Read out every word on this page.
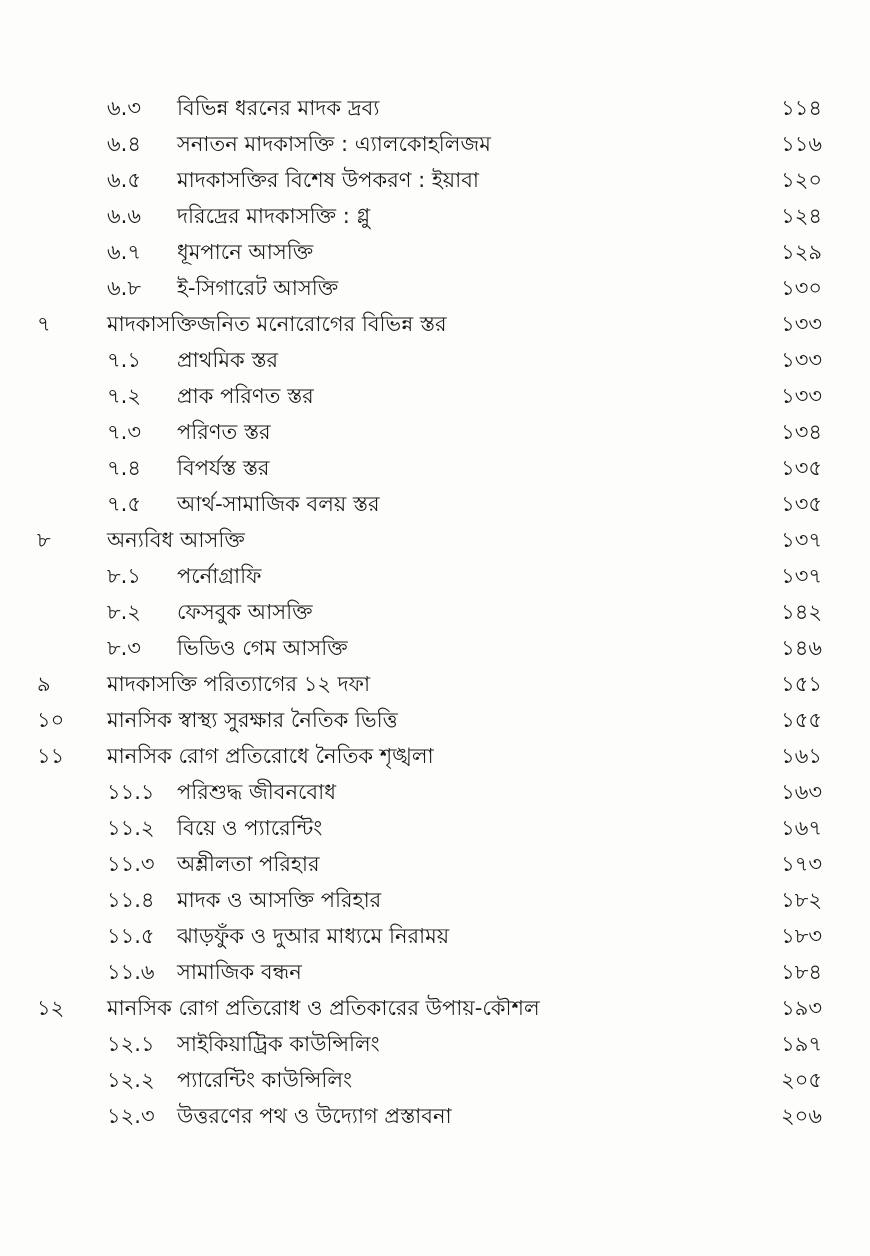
৬.৩ বিভিন্ন ধরনের মাদক দ্রব্য	১১৪
৬.৪ সনাতন মাদকাসক্তি : এ্যালকোহলিজম	১১৬
৬.৫ মাদকাসক্তির বিশেষ উপকরণ : ইয়াবা	১২০
৬.৬ দরিদ্রের মাদকাসক্তি : গ্লু	১২৪
৬.৭ ধূমপানে আসক্তি	১২৯
৬.৮ ই-সিগারেট আসক্তি	১৩০
৭	মাদকাসক্তিজনিত মনোরোগের বিভিন্ন স্তর	১৩৩
৭.১ প্রাথমিক স্তর	১৩৩
৭.২ প্রাক পরিণত স্তর	১৩৩
৭.৩ পরিণত স্তর	১৩৪
৭.৪ বিপর্যস্ত স্তর	১৩৫
৭.৫ আর্থ-সামাজিক বলয় স্তর	১৩৫
৮	অন্যবিধ আসক্তি	১৩৭
৮.১ পর্নোগ্রাফি	১৩৭
৮.২ ফেসবুক আসক্তি	১৪২
৮.৩ ভিডিও গেম আসক্তি	১৪৬
৯	মাদকাসক্তি পরিত্যাগের ১২ দফা	১৫১
১০ মানসিক স্বাস্থ্য সুরক্ষার নৈতিক ভিত্তি	১৫৫
১১ মানসিক রোগ প্রতিরোধে নৈতিক শৃঙ্খলা	১৬১
১১.১ পরিশুদ্ধ জীবনবোধ	১৬৩
১১.২ বিয়ে ও প্যারেন্টিং	১৬৭
১১.৩ অশ্লীলতা পরিহার	১৭৩
১১.৪ মাদক ও আসক্তি পরিহার	১৮২
১১.৫ ঝাড়ফুঁক ও দুআর মাধ্যমে নিরাময়	১৮৩
১১.৬ সামাজিক বন্ধন	১৮৪
১২ মানসিক রোগ প্রতিরোধ ও প্রতিকারের উপায়-কৌশল	১৯৩
১২.১ সাইকিয়াট্রিক কাউন্সিলিং	১৯৭
১২.২ প্যারেন্টিং কাউন্সিলিং	২০৫
১২.৩ উত্তরণের পথ ও উদ্যোগ প্রস্তাবনা	২০৬
